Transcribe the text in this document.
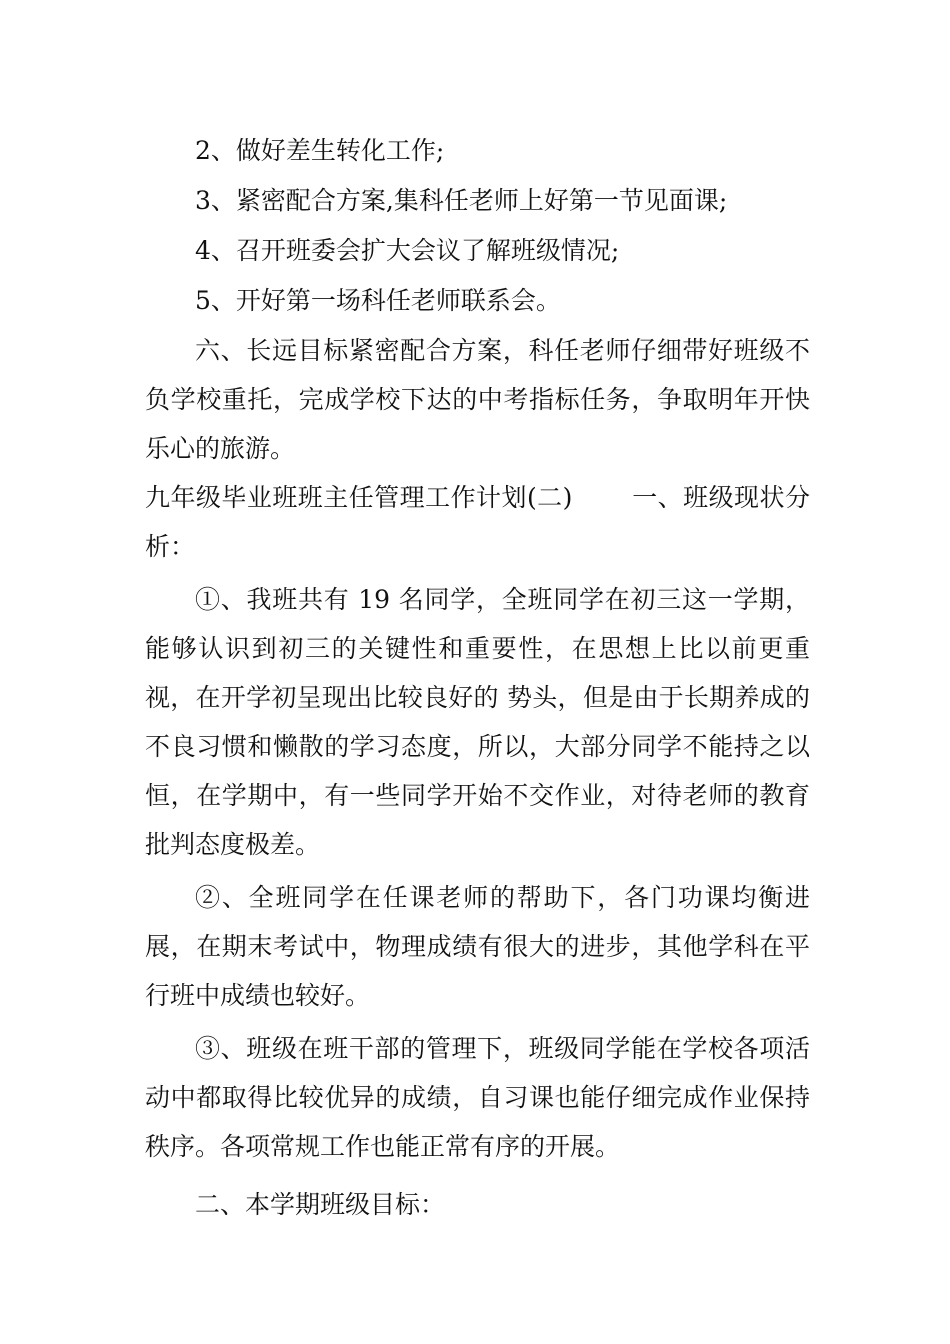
2、做好差生转化工作;

3、紧密配合方案,集科任老师上好第一节见面课;

4、召开班委会扩大会议了解班级情况;

5、开好第一场科任老师联系会。

六、长远目标紧密配合方案，科任老师仔细带好班级不负学校重托，完成学校下达的中考指标任务，争取明年开快乐心的旅游。

九年级毕业班班主任管理工作计划(二)　　 一、班级现状分析：

①、我班共有 19 名同学，全班同学在初三这一学期，能够认识到初三的关键性和重要性，在思想上比以前更重视，在开学初呈现出比较良好的 势头，但是由于长期养成的不良习惯和懒散的学习态度，所以，大部分同学不能持之以恒，在学期中，有一些同学开始不交作业，对待老师的教育批判态度极差。

②、全班同学在任课老师的帮助下，各门功课均衡进展，在期末考试中，物理成绩有很大的进步，其他学科在平行班中成绩也较好。

③、班级在班干部的管理下，班级同学能在学校各项活动中都取得比较优异的成绩，自习课也能仔细完成作业保持秩序。各项常规工作也能正常有序的开展。

二、本学期班级目标：
